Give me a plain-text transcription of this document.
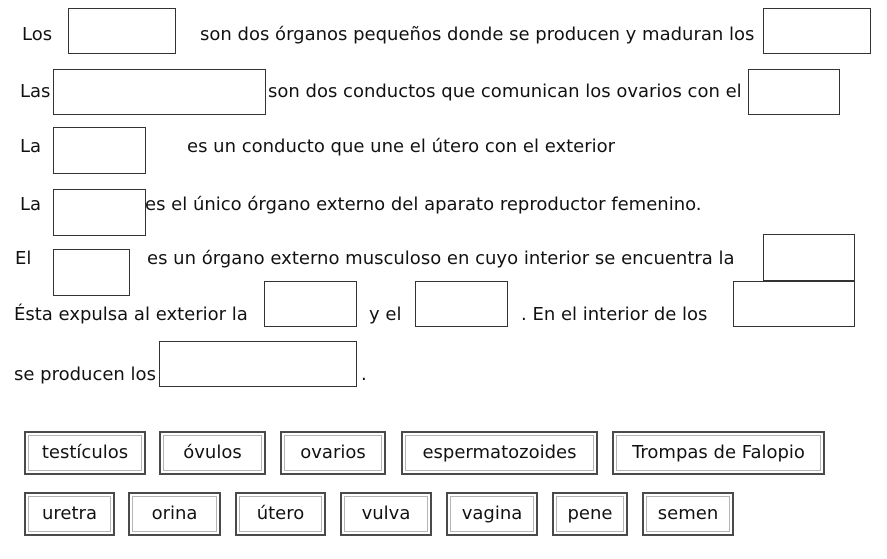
Los	son dos órganos pequeños donde se producen y maduran los
Las	son dos conductos que comunican los ovarios con el
La	es un conducto que une el útero con el exterior
La	es el único órgano externo del aparato reproductor femenino.
El	es un órgano externo musculoso en cuyo interior se encuentra la
Ésta expulsa al exterior la	y el	. En el interior de los
se producen los	.
testículos	óvulos	ovarios	espermatozoides	Trompas de Falopio
uretra	orina	útero	vulva	vagina	pene	semen
